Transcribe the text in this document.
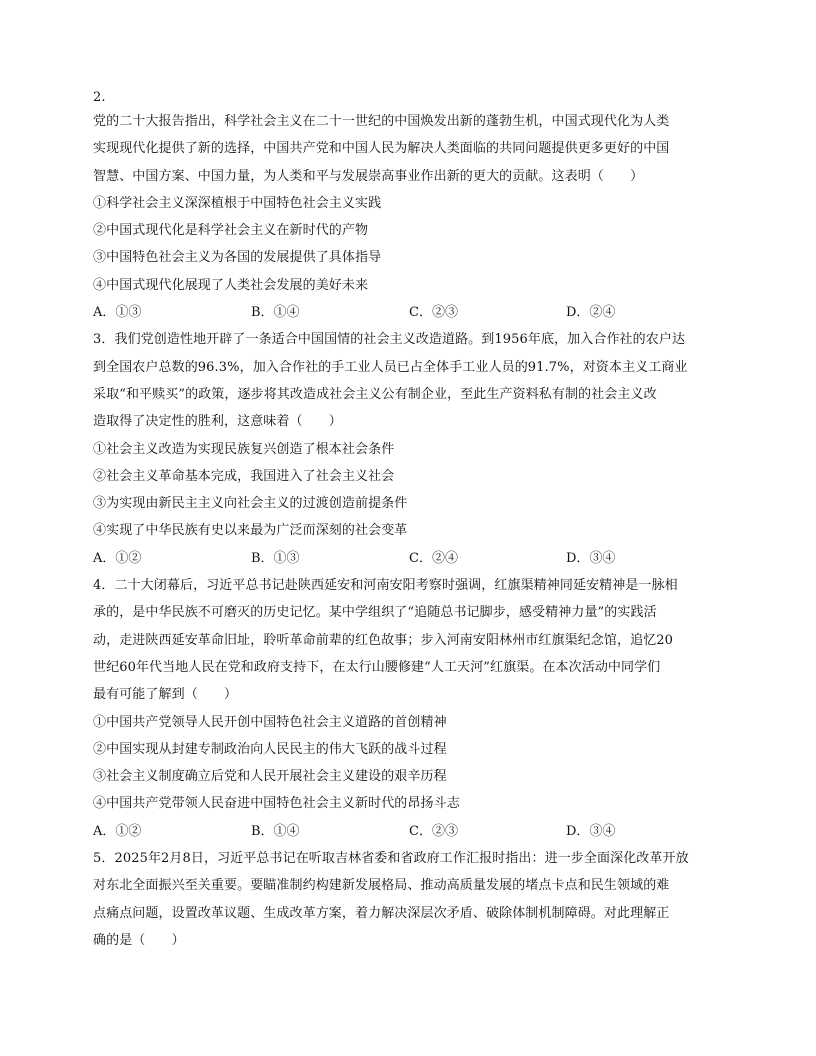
2.
党的二十大报告指出，科学社会主义在二十一世纪的中国焕发出新的蓬勃生机，中国式现代化为人类
实现现代化提供了新的选择，中国共产党和中国人民为解决人类面临的共同问题提供更多更好的中国
智慧、中国方案、中国力量，为人类和平与发展崇高事业作出新的更大的贡献。这表明（　　）
①科学社会主义深深植根于中国特色社会主义实践
②中国式现代化是科学社会主义在新时代的产物
③中国特色社会主义为各国的发展提供了具体指导
④中国式现代化展现了人类社会发展的美好未来
A．①③	B．①④	C．②③	D．②④
3．我们党创造性地开辟了一条适合中国国情的社会主义改造道路。到1956年底，加入合作社的农户达
到全国农户总数的96.3%，加入合作社的手工业人员已占全体手工业人员的91.7%，对资本主义工商业
采取“和平赎买”的政策，逐步将其改造成社会主义公有制企业，至此生产资料私有制的社会主义改
造取得了决定性的胜利，这意味着（　　）
①社会主义改造为实现民族复兴创造了根本社会条件
②社会主义革命基本完成，我国进入了社会主义社会
③为实现由新民主主义向社会主义的过渡创造前提条件
④实现了中华民族有史以来最为广泛而深刻的社会变革
A．①②	B．①③	C．②④	D．③④
4．二十大闭幕后，习近平总书记赴陕西延安和河南安阳考察时强调，红旗渠精神同延安精神是一脉相
承的，是中华民族不可磨灭的历史记忆。某中学组织了“追随总书记脚步，感受精神力量”的实践活
动，走进陕西延安革命旧址，聆听革命前辈的红色故事；步入河南安阳林州市红旗渠纪念馆，追忆20
世纪60年代当地人民在党和政府支持下，在太行山腰修建“人工天河”红旗渠。在本次活动中同学们
最有可能了解到（　　）
①中国共产党领导人民开创中国特色社会主义道路的首创精神
②中国实现从封建专制政治向人民民主的伟大飞跃的战斗过程
③社会主义制度确立后党和人民开展社会主义建设的艰辛历程
④中国共产党带领人民奋进中国特色社会主义新时代的昂扬斗志
A．①②	B．①④	C．②③	D．③④
5．2025年2月8日，习近平总书记在听取吉林省委和省政府工作汇报时指出：进一步全面深化改革开放
对东北全面振兴至关重要。要瞄准制约构建新发展格局、推动高质量发展的堵点卡点和民生领域的难
点痛点问题，设置改革议题、生成改革方案，着力解决深层次矛盾、破除体制机制障碍。对此理解正
确的是（　　）
